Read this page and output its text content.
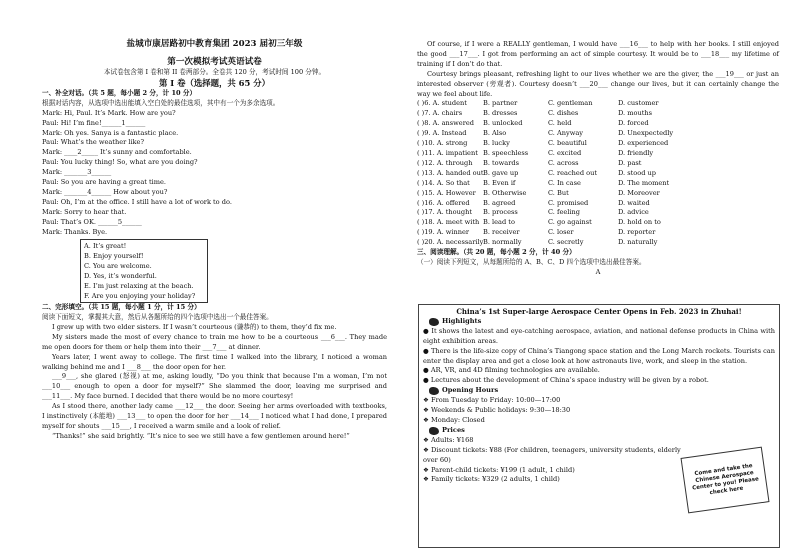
盐城市康居路初中教育集团 2023 届初三年级
第一次模拟考试英语试卷
本试卷包含第 I 卷和第 II 卷两部分。全卷共 120 分，考试时间 100 分钟。
第 I 卷（选择题，共 65 分）
一、补全对话。（共 5 题，每小题 2 分，计 10 分）
根据对话内容，从选项中选出能填入空白处的最佳选项，其中有一个为多余选项。
Mark: Hi, Paul. It’s Mark. How are you?
Paul: Hi! I’m fine!______1______
Mark: Oh yes. Sanya is a fantastic place.
Paul: What’s the weather like?
Mark: ____2_____ It’s sunny and comfortable.
Paul: You lucky thing! So, what are you doing?
Mark: _______3______
Paul: So you are having a great time.
Mark: _______4______ How about you?
Paul: Oh, I’m at the office. I still have a lot of work to do.
Mark: Sorry to hear that.
Paul: That’s OK. ______5______
Mark: Thanks. Bye.
A. It’s great!
B. Enjoy yourself!
C. You are welcome.
D. Yes, it’s wonderful.
E. I’m just relaxing at the beach.
F. Are you enjoying your holiday?
二、完形填空。（共 15 题，每小题 1 分，计 15 分）
阅读下面短文，掌握其大意，然后从各题所给的四个选项中选出一个最佳答案。
I grew up with two elder sisters. If I wasn’t courteous (谦恭的) to them, they’d fix me.
My sisters made the most of every chance to train me how to be a courteous ___6___. They made me open doors for them or help them into their ___7___ at dinner.
Years later, I went away to college. The first time I walked into the library, I noticed a woman walking behind me and I ___8___ the door open for her.
___9___, she glared (怒视) at me, asking loudly, “Do you think that because I’m a woman, I’m not ___10___ enough to open a door for myself?” She slammed the door, leaving me surprised and ___11___. My face burned. I decided that there would be no more courtesy!
As I stood there, another lady came ___12___ the door. Seeing her arms overloaded with textbooks, I instinctively (本能地) ___13___ to open the door for her ___14___ I noticed what I had done, I prepared myself for shouts ___15___, I received a warm smile and a look of relief.
“Thanks!” she said brightly. “It’s nice to see we still have a few gentlemen around here!”
Of course, if I were a REALLY gentleman, I would have ___16___ to help with her books. I still enjoyed the good ___17___. I got from performing an act of simple courtesy. It would be to ___18___ my lifetime of training if I don’t do that.
Courtesy brings pleasant, refreshing light to our lives whether we are the giver, the ___19___ or just an interested observer (旁观者). Courtesy doesn’t ___20___ change our lives, but it can certainly change the way we feel about life.
( )6. A. student	B. partner	C. gentleman	D. customer
( )7. A. chairs	B. dresses	C. dishes	D. mouths
( )8. A. answered	B. unlocked	C. held	D. forced
( )9. A. Instead	B. Also	C. Anyway	D. Unexpectedly
( )10. A. strong	B. lucky	C. beautiful	D. experienced
( )11. A. impatient B. speechless	C. excited	D. friendly
( )12. A. through	B. towards	C. across	D. past
( )13. A. handed out B. gave up	C. reached out	D. stood up
( )14. A. So that	B. Even if	C. In case	D. The moment
( )15. A. However	B. Otherwise	C. But	D. Moreover
( )16. A. offered	B. agreed	C. promised	D. waited
( )17. A. thought	B. process	C. feeling	D. advice
( )18. A. meet with B. lead to	C. go against	D. hold on to
( )19. A. winner	B. receiver	C. loser	D. reporter
( )20. A. necessarily B. normally	C. secretly	D. naturally
三、阅读理解。（共 20 题，每小题 2 分，计 40 分）
（一）阅读下列短文，从每题所给的 A、B、C、D 四个选项中选出最佳答案。
A
China’s 1st Super-large Aerospace Center Opens in Feb. 2023 in Zhuhai!
Highlights
● It shows the latest and eye-catching aerospace, aviation, and national defense products in China with eight exhibition areas.
● There is the life-size copy of China’s Tiangong space station and the Long March rockets. Tourists can enter the display area and get a close look at how astronauts live, work, and sleep in the station.
● AR, VR, and 4D filming technologies are available.
● Lectures about the development of China’s space industry will be given by a robot.
Opening Hours
❖ From Tuesday to Friday: 10:00—17:00
❖ Weekends & Public holidays: 9:30—18:30
❖ Monday: Closed
Prices
❖ Adults: ¥168
❖ Discount tickets: ¥88 (For children, teenagers, university students, elderly over 60)
❖ Parent-child tickets: ¥199 (1 adult, 1 child)
❖ Family tickets: ¥329 (2 adults, 1 child)
Come and take the Chinese Aerospace Center to you! Please check here
